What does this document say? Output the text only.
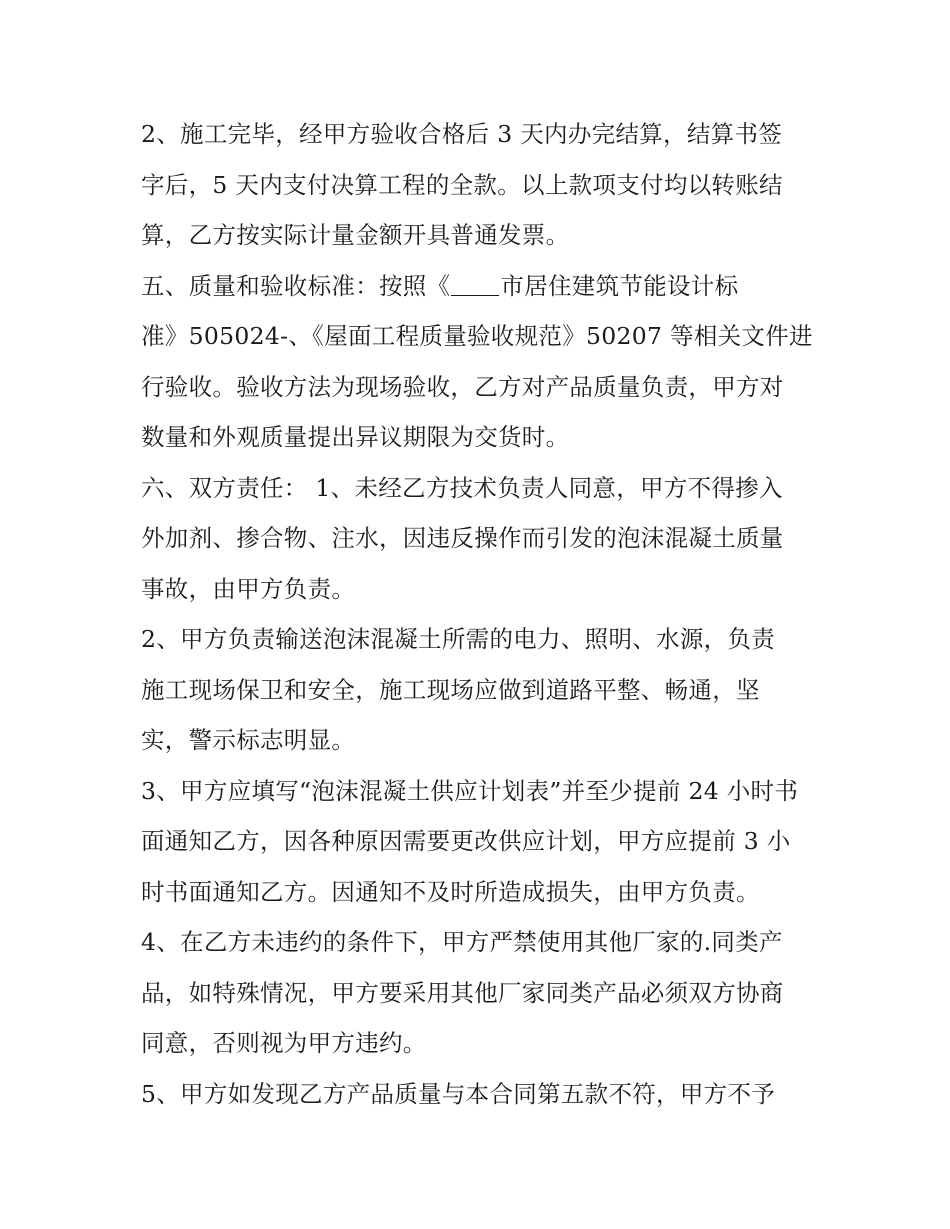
2、施工完毕，经甲方验收合格后 3 天内办完结算，结算书签
字后，5 天内支付决算工程的全款。以上款项支付均以转账结
算，乙方按实际计量金额开具普通发票。
五、质量和验收标准：按照《 市居住建筑节能设计标
准》505024-、《屋面工程质量验收规范》50207 等相关文件进
行验收。验收方法为现场验收，乙方对产品质量负责，甲方对
数量和外观质量提出异议期限为交货时。
六、双方责任： 1、未经乙方技术负责人同意，甲方不得掺入
外加剂、掺合物、注水，因违反操作而引发的泡沫混凝土质量
事故，由甲方负责。
2、甲方负责输送泡沫混凝土所需的电力、照明、水源，负责
施工现场保卫和安全，施工现场应做到道路平整、畅通，坚
实，警示标志明显。
3、甲方应填写“泡沫混凝土供应计划表”并至少提前 24 小时书
面通知乙方，因各种原因需要更改供应计划，甲方应提前 3 小
时书面通知乙方。因通知不及时所造成损失，由甲方负责。
4、在乙方未违约的条件下，甲方严禁使用其他厂家的.同类产
品，如特殊情况，甲方要采用其他厂家同类产品必须双方协商
同意，否则视为甲方违约。
5、甲方如发现乙方产品质量与本合同第五款不符，甲方不予
